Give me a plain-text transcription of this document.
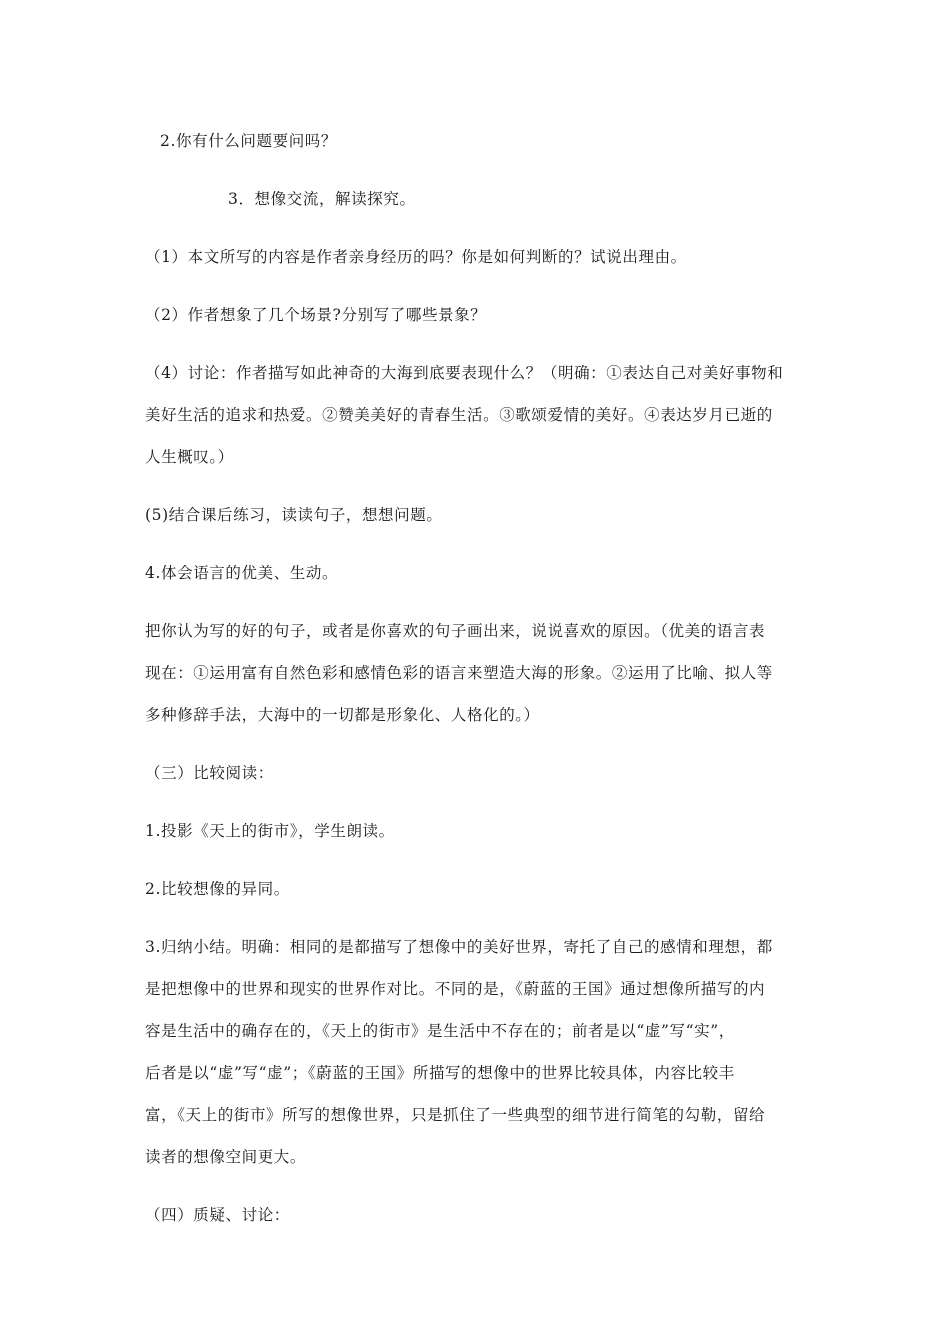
2.你有什么问题要问吗？
3．想像交流，解读探究。
（1）本文所写的内容是作者亲身经历的吗？你是如何判断的？试说出理由。
（2）作者想象了几个场景?分别写了哪些景象？
（4）讨论：作者描写如此神奇的大海到底要表现什么？（明确：①表达自己对美好事物和
美好生活的追求和热爱。②赞美美好的青春生活。③歌颂爱情的美好。④表达岁月已逝的
人生概叹。）
(5)结合课后练习，读读句子，想想问题。
4.体会语言的优美、生动。
把你认为写的好的句子，或者是你喜欢的句子画出来，说说喜欢的原因。（优美的语言表
现在：①运用富有自然色彩和感情色彩的语言来塑造大海的形象。②运用了比喻、拟人等
多种修辞手法，大海中的一切都是形象化、人格化的。）
（三）比较阅读：
1.投影《天上的街市》，学生朗读。
2.比较想像的异同。
3.归纳小结。明确：相同的是都描写了想像中的美好世界，寄托了自己的感情和理想，都
是把想像中的世界和现实的世界作对比。不同的是，《蔚蓝的王国》通过想像所描写的内
容是生活中的确存在的，《天上的街市》是生活中不存在的；前者是以“虚”写“实”，
后者是以“虚”写“虚”；《蔚蓝的王国》所描写的想像中的世界比较具体，内容比较丰
富，《天上的街市》所写的想像世界，只是抓住了一些典型的细节进行简笔的勾勒，留给
读者的想像空间更大。
（四）质疑、讨论：
